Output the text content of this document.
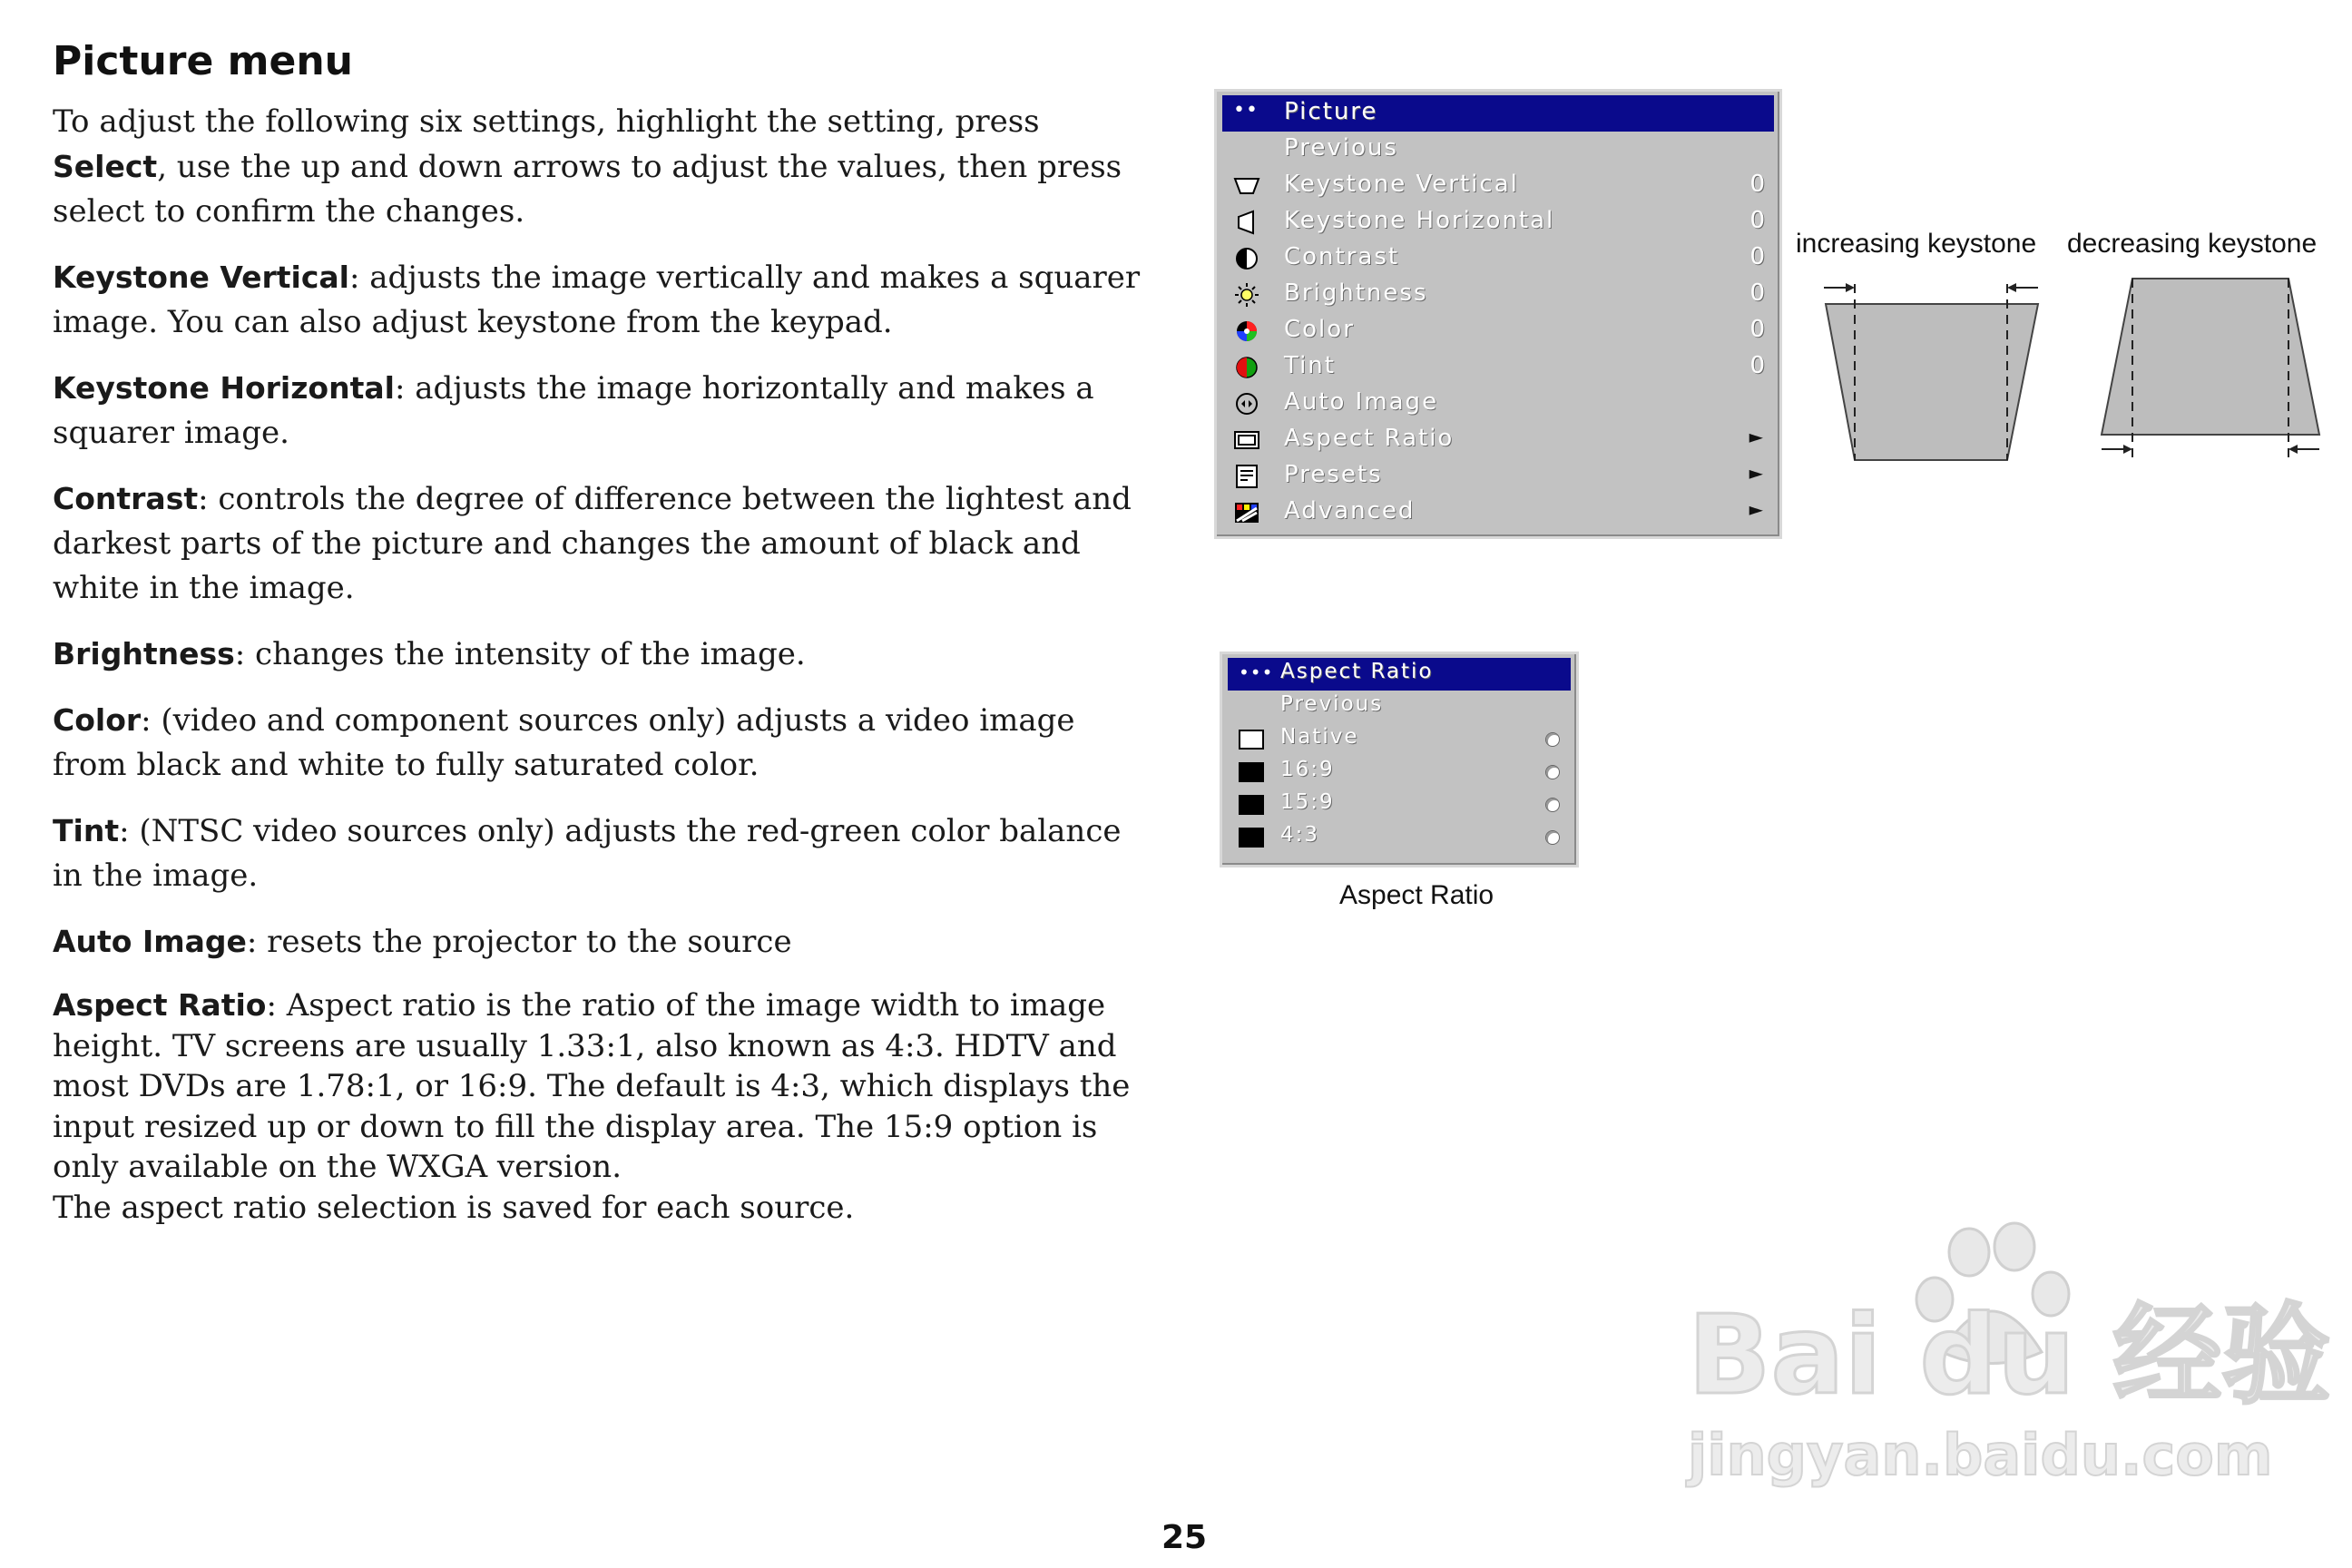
Picture menu

To adjust the following six settings, highlight the setting, press Select, use the up and down arrows to adjust the values, then press select to confirm the changes.

Keystone Vertical: adjusts the image vertically and makes a squarer image. You can also adjust keystone from the keypad.

Keystone Horizontal: adjusts the image horizontally and makes a squarer image.

Contrast: controls the degree of difference between the lightest and darkest parts of the picture and changes the amount of black and white in the image.

Brightness: changes the intensity of the image.

Color: (video and component sources only) adjusts a video image from black and white to fully saturated color.

Tint: (NTSC video sources only) adjusts the red-green color balance in the image.

Auto Image: resets the projector to the source

Aspect Ratio: Aspect ratio is the ratio of the image width to image height. TV screens are usually 1.33:1, also known as 4:3. HDTV and most DVDs are 1.78:1, or 16:9. The default is 4:3, which displays the input resized up or down to fill the display area. The 15:9 option is only available on the WXGA version.

The aspect ratio selection is saved for each source.

•• Picture
Previous
Keystone Vertical	0
Keystone Horizontal	0
Contrast	0
Brightness	0
Color	0
Tint	0
Auto Image
Aspect Ratio	►
Presets	►
Advanced	►
increasing keystone decreasing keystone
••• Aspect Ratio
Previous
Native
16:9
15:9
4:3
Aspect Ratio
Bai du 经验
jingyan.baidu.com
25
